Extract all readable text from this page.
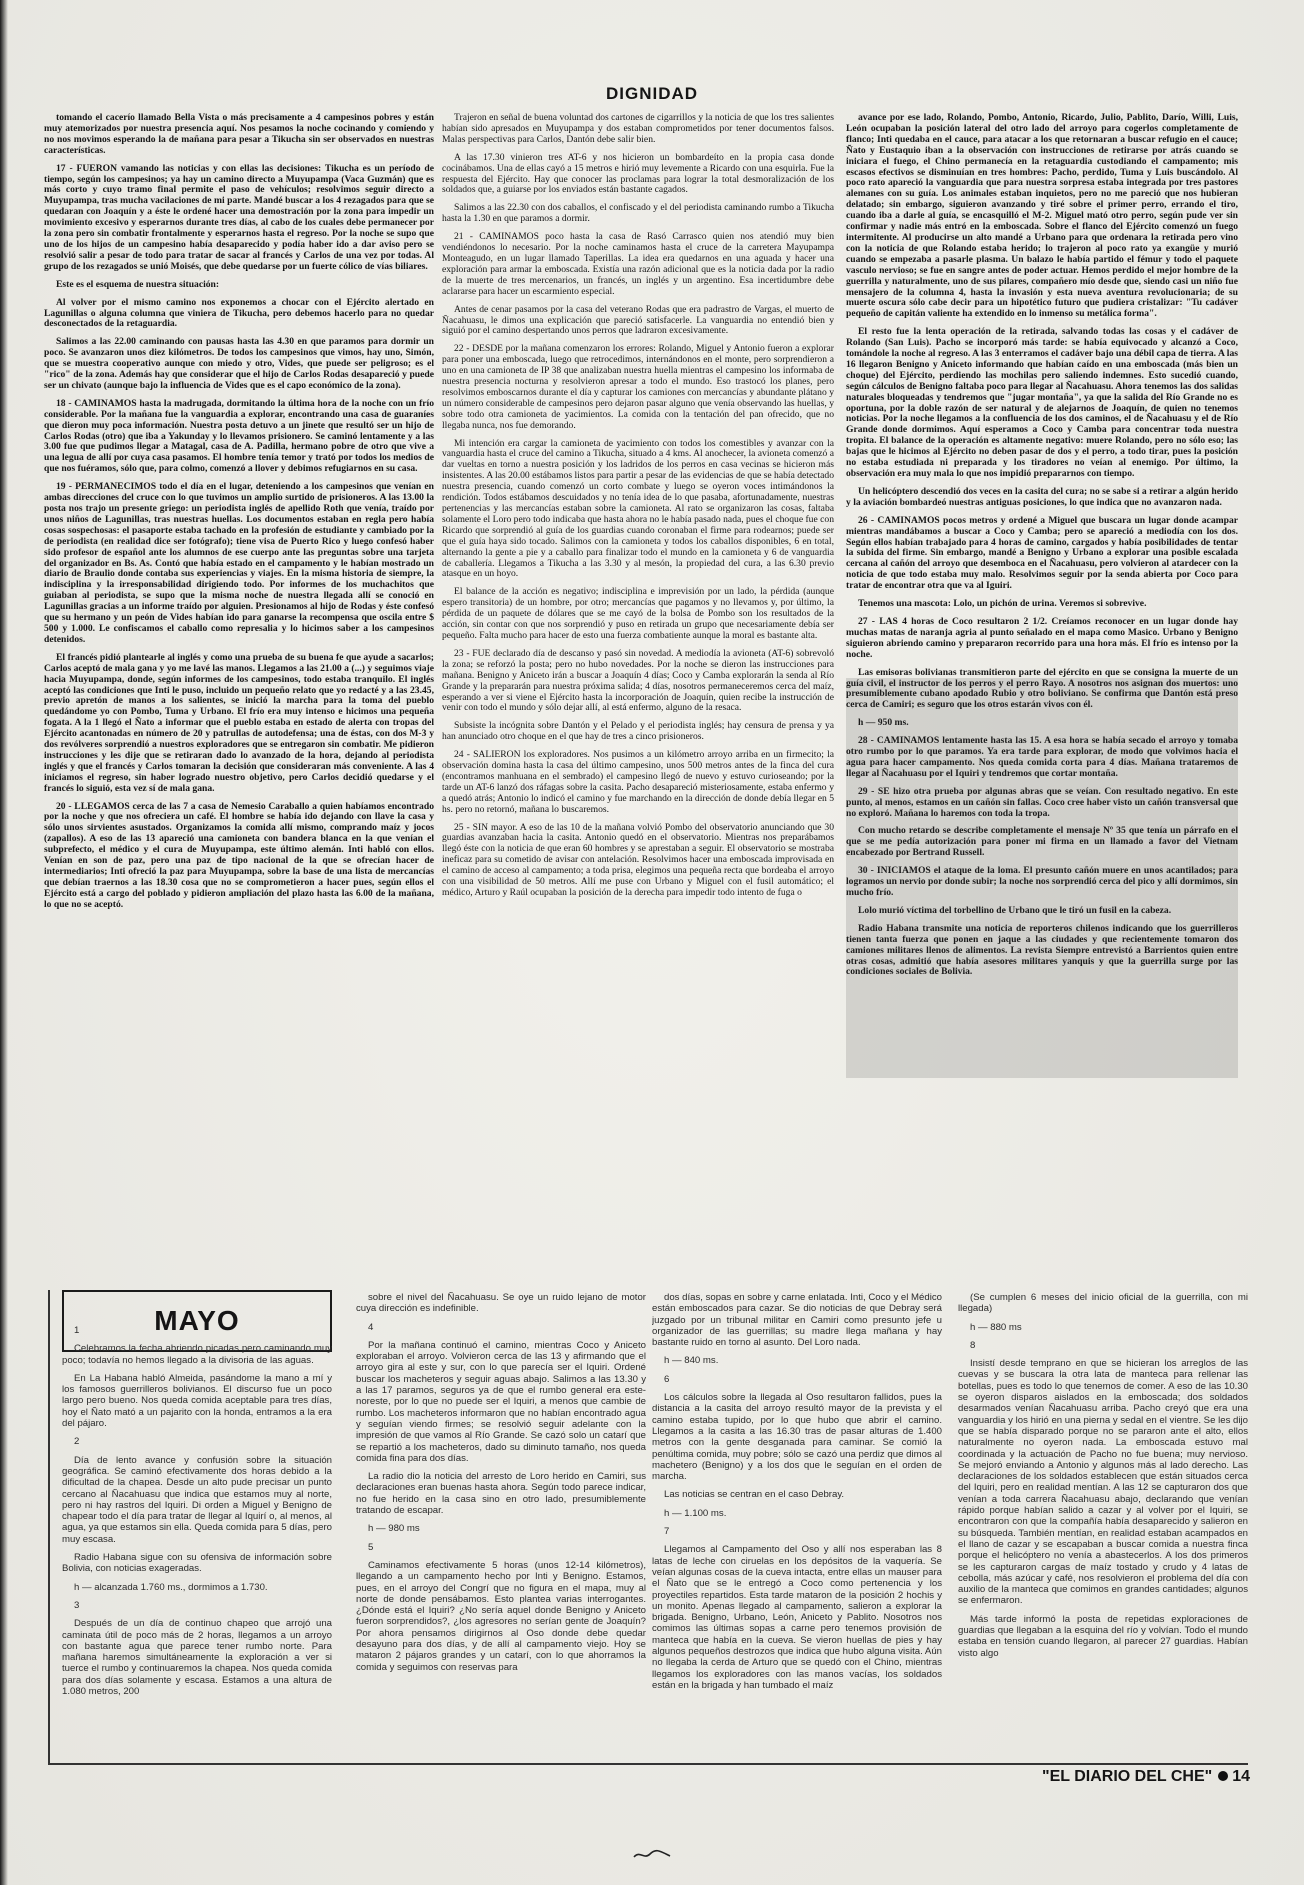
DIGNIDAD

tomando el cacerío llamado Bella Vista o más precisamente a 4 campesinos pobres y están muy atemorizados por nuestra presencia aquí. Nos pesamos la noche cocinando y comiendo y no nos movimos esperando la de mañana para pesar a Tikucha sin ser observados en nuestras características.

17 - FUERON vamando las noticias y con ellas las decisiones: Tikucha es un período de tiempo, según los campesinos; ya hay un camino directo a Muyupampa (Vaca Guzmán) que es más corto y cuyo tramo final permite el paso de vehículos; resolvimos seguir directo a Muyupampa, tras mucha vacilaciones de mi parte. Mandé buscar a los 4 rezagados para que se quedaran con Joaquín y a éste le ordené hacer una demostración por la zona para impedir un movimiento excesivo y esperarnos durante tres días, al cabo de los cuales debe permanecer por la zona pero sin combatir frontalmente y esperarnos hasta el regreso. Por la noche se supo que uno de los hijos de un campesino había desaparecido y podía haber ido a dar aviso pero se resolvió salir a pesar de todo para tratar de sacar al francés y Carlos de una vez por todas. Al grupo de los rezagados se unió Moisés, que debe quedarse por un fuerte cólico de vías biliares.

Este es el esquema de nuestra situación:

Al volver por el mismo camino nos exponemos a chocar con el Ejército alertado en Lagunillas o alguna columna que viniera de Tikucha, pero debemos hacerlo para no quedar desconectados de la retaguardia.

Salimos a las 22.00 caminando con pausas hasta las 4.30 en que paramos para dormir un poco. Se avanzaron unos diez kilómetros. De todos los campesinos que vimos, hay uno, Simón, que se muestra cooperativo aunque con miedo y otro, Vides, que puede ser peligroso; es el "rico" de la zona. Además hay que considerar que el hijo de Carlos Rodas desapareció y puede ser un chivato (aunque bajo la influencia de Vides que es el capo económico de la zona).

18 - CAMINAMOS hasta la madrugada, dormitando la última hora de la noche con un frío considerable. Por la mañana fue la vanguardia a explorar, encontrando una casa de guaraníes que dieron muy poca información. Nuestra posta detuvo a un jinete que resultó ser un hijo de Carlos Rodas (otro) que iba a Yakunday y lo llevamos prisionero. Se caminó lentamente y a las 3.00 fue que pudimos llegar a Matagal, casa de A. Padilla, hermano pobre de otro que vive a una legua de allí por cuya casa pasamos. El hombre tenía temor y trató por todos los medios de que nos fuéramos, sólo que, para colmo, comenzó a llover y debimos refugiarnos en su casa.

19 - PERMANECIMOS todo el día en el lugar, deteniendo a los campesinos que venían en ambas direcciones del cruce con lo que tuvimos un amplio surtido de prisioneros. A las 13.00 la posta nos trajo un presente griego: un periodista inglés de apellido Roth que venía, traído por unos niños de Lagunillas, tras nuestras huellas. Los documentos estaban en regla pero había cosas sospechosas: el pasaporte estaba tachado en la profesión de estudiante y cambiado por la de periodista (en realidad dice ser fotógrafo); tiene visa de Puerto Rico y luego confesó haber sido profesor de español ante los alumnos de ese cuerpo ante las preguntas sobre una tarjeta del organizador en Bs. As. Contó que había estado en el campamento y le habían mostrado un diario de Braulio donde contaba sus experiencias y viajes. En la misma historia de siempre, la indisciplina y la irresponsabilidad dirigiendo todo. Por informes de los muchachitos que guiaban al periodista, se supo que la misma noche de nuestra llegada allí se conoció en Lagunillas gracias a un informe traído por alguien. Presionamos al hijo de Rodas y éste confesó que su hermano y un peón de Vides habían ido para ganarse la recompensa que oscila entre $ 500 y 1.000. Le confiscamos el caballo como represalia y lo hicimos saber a los campesinos detenidos.

El francés pidió plantearle al inglés y como una prueba de su buena fe que ayude a sacarlos; Carlos aceptó de mala gana y yo me lavé las manos. Llegamos a las 21.00 a (...) y seguimos viaje hacia Muyupampa, donde, según informes de los campesinos, todo estaba tranquilo. El inglés aceptó las condiciones que Inti le puso, incluido un pequeño relato que yo redacté y a las 23.45, previo apretón de manos a los salientes, se inició la marcha para la toma del pueblo quedándome yo con Pombo, Tuma y Urbano. El frío era muy intenso e hicimos una pequeña fogata. A la 1 llegó el Ñato a informar que el pueblo estaba en estado de alerta con tropas del Ejército acantonadas en número de 20 y patrullas de autodefensa; una de éstas, con dos M-3 y dos revólveres sorprendió a nuestros exploradores que se entregaron sin combatir. Me pidieron instrucciones y les dije que se retiraran dado lo avanzado de la hora, dejando al periodista inglés y que el francés y Carlos tomaran la decisión que consideraran más conveniente. A las 4 iniciamos el regreso, sin haber logrado nuestro objetivo, pero Carlos decidió quedarse y el francés lo siguió, esta vez sí de mala gana.

20 - LLEGAMOS cerca de las 7 a casa de Nemesio Caraballo a quien habíamos encontrado por la noche y que nos ofreciera un café. El hombre se había ido dejando con llave la casa y sólo unos sirvientes asustados. Organizamos la comida allí mismo, comprando maíz y jocos (zapallos). A eso de las 13 apareció una camioneta con bandera blanca en la que venían el subprefecto, el médico y el cura de Muyupampa, este último alemán. Inti habló con ellos. Venían en son de paz, pero una paz de tipo nacional de la que se ofrecían hacer de intermediarios; Inti ofreció la paz para Muyupampa, sobre la base de una lista de mercancías que debían traernos a las 18.30 cosa que no se comprometieron a hacer pues, según ellos el Ejército está a cargo del poblado y pidieron ampliación del plazo hasta las 6.00 de la mañana, lo que no se aceptó.

Trajeron en señal de buena voluntad dos cartones de cigarrillos y la noticia de que los tres salientes habían sido apresados en Muyupampa y dos estaban comprometidos por tener documentos falsos. Malas perspectivas para Carlos, Dantón debe salir bien.

A las 17.30 vinieron tres AT-6 y nos hicieron un bombardeíto en la propia casa donde cocinábamos. Una de ellas cayó a 15 metros e hirió muy levemente a Ricardo con una esquirla. Fue la respuesta del Ejército. Hay que conocer las proclamas para lograr la total desmoralización de los soldados que, a guiarse por los enviados están bastante cagados.

Salimos a las 22.30 con dos caballos, el confiscado y el del periodista caminando rumbo a Tikucha hasta la 1.30 en que paramos a dormir.

21 - CAMINAMOS poco hasta la casa de Rasó Carrasco quien nos atendió muy bien vendiéndonos lo necesario. Por la noche caminamos hasta el cruce de la carretera Mayupampa Monteagudo, en un lugar llamado Taperillas. La idea era quedarnos en una aguada y hacer una exploración para armar la emboscada. Existía una razón adicional que es la noticia dada por la radio de la muerte de tres mercenarios, un francés, un inglés y un argentino. Esa incertidumbre debe aclararse para hacer un escarmiento especial.

Antes de cenar pasamos por la casa del veterano Rodas que era padrastro de Vargas, el muerto de Ñacahuasu, le dimos una explicación que pareció satisfacerle. La vanguardia no entendió bien y siguió por el camino despertando unos perros que ladraron excesivamente.

22 - DESDE por la mañana comenzaron los errores: Rolando, Miguel y Antonio fueron a explorar para poner una emboscada, luego que retrocedimos, internándonos en el monte, pero sorprendieron a uno en una camioneta de IP 38 que analizaban nuestra huella mientras el campesino los informaba de nuestra presencia nocturna y resolvieron apresar a todo el mundo. Eso trastocó los planes, pero resolvimos emboscarnos durante el día y capturar los camiones con mercancías y abundante plátano y un número considerable de campesinos pero dejaron pasar alguno que venía observando las huellas, y sobre todo otra camioneta de yacimientos. La comida con la tentación del pan ofrecido, que no llegaba nunca, nos fue demorando.

Mi intención era cargar la camioneta de yacimiento con todos los comestibles y avanzar con la vanguardia hasta el cruce del camino a Tikucha, situado a 4 kms. Al anochecer, la avioneta comenzó a dar vueltas en torno a nuestra posición y los ladridos de los perros en casa vecinas se hicieron más insistentes. A las 20.00 estábamos listos para partir a pesar de las evidencias de que se había detectado nuestra presencia, cuando comenzó un corto combate y luego se oyeron voces intimándonos la rendición. Todos estábamos descuidados y no tenía idea de lo que pasaba, afortunadamente, nuestras pertenencias y las mercancías estaban sobre la camioneta. Al rato se organizaron las cosas, faltaba solamente el Loro pero todo indicaba que hasta ahora no le había pasado nada, pues el choque fue con Ricardo que sorprendió al guía de los guardias cuando coronaban el firme para rodearnos; puede ser que el guía haya sido tocado. Salimos con la camioneta y todos los caballos disponibles, 6 en total, alternando la gente a pie y a caballo para finalizar todo el mundo en la camioneta y 6 de vanguardia de caballería. Llegamos a Tikucha a las 3.30 y al mesón, la propiedad del cura, a las 6.30 previo atasque en un hoyo.

El balance de la acción es negativo; indisciplina e imprevisión por un lado, la pérdida (aunque espero transitoria) de un hombre, por otro; mercancías que pagamos y no llevamos y, por último, la pérdida de un paquete de dólares que se me cayó de la bolsa de Pombo son los resultados de la acción, sin contar con que nos sorprendió y puso en retirada un grupo que necesariamente debía ser pequeño. Falta mucho para hacer de esto una fuerza combatiente aunque la moral es bastante alta.

23 - FUE declarado día de descanso y pasó sin novedad. A mediodía la avioneta (AT-6) sobrevoló la zona; se reforzó la posta; pero no hubo novedades. Por la noche se dieron las instrucciones para mañana. Benigno y Aniceto irán a buscar a Joaquín 4 días; Coco y Camba explorarán la senda al Río Grande y la prepararán para nuestra próxima salida; 4 días, nosotros permaneceremos cerca del maíz, esperando a ver si viene el Ejército hasta la incorporación de Joaquín, quien recibe la instrucción de venir con todo el mundo y sólo dejar allí, al está enfermo, alguno de la resaca.

Subsiste la incógnita sobre Dantón y el Pelado y el periodista inglés; hay censura de prensa y ya han anunciado otro choque en el que hay de tres a cinco prisioneros.

24 - SALIERON los exploradores. Nos pusimos a un kilómetro arroyo arriba en un firmecito; la observación domina hasta la casa del último campesino, unos 500 metros antes de la finca del cura (encontramos manhuana en el sembrado) el campesino llegó de nuevo y estuvo curioseando; por la tarde un AT-6 lanzó dos ráfagas sobre la casita. Pacho desapareció misteriosamente, estaba enfermo y a quedó atrás; Antonio lo indicó el camino y fue marchando en la dirección de donde debía llegar en 5 hs. pero no retornó, mañana lo buscaremos.

25 - SIN mayor. A eso de las 10 de la mañana volvió Pombo del observatorio anunciando que 30 guardias avanzaban hacia la casita. Antonio quedó en el observatorio. Mientras nos preparábamos llegó éste con la noticia de que eran 60 hombres y se aprestaban a seguir. El observatorio se mostraba ineficaz para su cometido de avisar con antelación. Resolvimos hacer una emboscada improvisada en el camino de acceso al campamento; a toda prisa, elegimos una pequeña recta que bordeaba el arroyo con una visibilidad de 50 metros. Allí me puse con Urbano y Miguel con el fusil automático; el médico, Arturo y Raúl ocupaban la posición de la derecha para impedir todo intento de fuga o

avance por ese lado, Rolando, Pombo, Antonio, Ricardo, Julio, Pablito, Darío, Willi, Luis, León ocupaban la posición lateral del otro lado del arroyo para cogerlos completamente de flanco; Inti quedaba en el cauce, para atacar a los que retornaran a buscar refugio en el cauce; Ñato y Eustaquio iban a la observación con instrucciones de retirarse por atrás cuando se iniciara el fuego, el Chino permanecía en la retaguardia custodiando el campamento; mis escasos efectivos se disminuían en tres hombres: Pacho, perdido, Tuma y Luis buscándolo. Al poco rato apareció la vanguardia que para nuestra sorpresa estaba integrada por tres pastores alemanes con su guía. Los animales estaban inquietos, pero no me pareció que nos hubieran delatado; sin embargo, siguieron avanzando y tiré sobre el primer perro, errando el tiro, cuando iba a darle al guía, se encasquilló el M-2. Miguel mató otro perro, según pude ver sin confirmar y nadie más entró en la emboscada. Sobre el flanco del Ejército comenzó un fuego intermitente. Al producirse un alto mandé a Urbano para que ordenara la retirada pero vino con la noticia de que Rolando estaba herido; lo trajeron al poco rato ya exangüe y murió cuando se empezaba a pasarle plasma. Un balazo le había partido el fémur y todo el paquete vasculo nervioso; se fue en sangre antes de poder actuar. Hemos perdido el mejor hombre de la guerrilla y naturalmente, uno de sus pilares, compañero mío desde que, siendo casi un niño fue mensajero de la columna 4, hasta la invasión y esta nueva aventura revolucionaria; de su muerte oscura sólo cabe decir para un hipotético futuro que pudiera cristalizar: "Tu cadáver pequeño de capitán valiente ha extendido en lo inmenso su metálica forma".

El resto fue la lenta operación de la retirada, salvando todas las cosas y el cadáver de Rolando (San Luis). Pacho se incorporó más tarde: se había equivocado y alcanzó a Coco, tomándole la noche al regreso. A las 3 enterramos el cadáver bajo una débil capa de tierra. A las 16 llegaron Benigno y Aniceto informando que habían caído en una emboscada (más bien un choque) del Ejército, perdiendo las mochilas pero saliendo indemnes. Esto sucedió cuando, según cálculos de Benigno faltaba poco para llegar al Ñacahuasu. Ahora tenemos las dos salidas naturales bloqueadas y tendremos que "jugar montaña", ya que la salida del Río Grande no es oportuna, por la doble razón de ser natural y de alejarnos de Joaquín, de quien no tenemos noticias. Por la noche llegamos a la confluencia de los dos caminos, el de Ñacahuasu y el de Río Grande donde dormimos. Aquí esperamos a Coco y Camba para concentrar toda nuestra tropita. El balance de la operación es altamente negativo: muere Rolando, pero no sólo eso; las bajas que le hicimos al Ejército no deben pasar de dos y el perro, a todo tirar, pues la posición no estaba estudiada ni preparada y los tiradores no veían al enemigo. Por último, la observación era muy mala lo que nos impidió prepararnos con tiempo.

Un helicóptero descendió dos veces en la casita del cura; no se sabe si a retirar a algún herido y la aviación bombardeó nuestras antiguas posiciones, lo que indica que no avanzaron nada.

26 - CAMINAMOS pocos metros y ordené a Miguel que buscara un lugar donde acampar mientras mandábamos a buscar a Coco y Camba; pero se apareció a mediodía con los dos. Según ellos habían trabajado para 4 horas de camino, cargados y había posibilidades de tentar la subida del firme. Sin embargo, mandé a Benigno y Urbano a explorar una posible escalada cercana al cañón del arroyo que desemboca en el Ñacahuasu, pero volvieron al atardecer con la noticia de que todo estaba muy malo. Resolvimos seguir por la senda abierta por Coco para tratar de encontrar otra que va al Iguiri.

Tenemos una mascota: Lolo, un pichón de urina. Veremos si sobrevive.

27 - LAS 4 horas de Coco resultaron 2 1/2. Creíamos reconocer en un lugar donde hay muchas matas de naranja agria al punto señalado en el mapa como Masico. Urbano y Benigno siguieron abriendo camino y prepararon recorrido para una hora más. El frío es intenso por la noche.

Las emisoras bolivianas transmitieron parte del ejército en que se consigna la muerte de un guía civil, el instructor de los perros y el perro Rayo. A nosotros nos asignan dos muertos: uno presumiblemente cubano apodado Rubio y otro boliviano. Se confirma que Dantón está preso cerca de Camiri; es seguro que los otros estarán vivos con él.

h — 950 ms.

28 - CAMINAMOS lentamente hasta las 15. A esa hora se había secado el arroyo y tomaba otro rumbo por lo que paramos. Ya era tarde para explorar, de modo que volvimos hacia el agua para hacer campamento. Nos queda comida corta para 4 días. Mañana trataremos de llegar al Ñacahuasu por el Iquiri y tendremos que cortar montaña.

29 - SE hizo otra prueba por algunas abras que se veían. Con resultado negativo. En este punto, al menos, estamos en un cañón sin fallas. Coco cree haber visto un cañón transversal que no exploró. Mañana lo haremos con toda la tropa.

Con mucho retardo se describe completamente el mensaje Nº 35 que tenía un párrafo en el que se me pedía autorización para poner mi firma en un llamado a favor del Vietnam encabezado por Bertrand Russell.

30 - INICIAMOS el ataque de la loma. El presunto cañón muere en unos acantilados; para logramos un nervio por donde subir; la noche nos sorprendió cerca del pico y allí dormimos, sin mucho frío.

Lolo murió víctima del torbellino de Urbano que le tiró un fusil en la cabeza.

Radio Habana transmite una noticia de reporteros chilenos indicando que los guerrilleros tienen tanta fuerza que ponen en jaque a las ciudades y que recientemente tomaron dos camiones militares llenos de alimentos. La revista Siempre entrevistó a Barrientos quien entre otras cosas, admitió que había asesores militares yanquis y que la guerrilla surge por las condiciones sociales de Bolivia.

MAYO

1

Celebramos la fecha abriendo picadas pero caminando muy poco; todavía no hemos llegado a la divisoria de las aguas.

En La Habana habló Almeida, pasándome la mano a mí y los famosos guerrilleros bolivianos. El discurso fue un poco largo pero bueno. Nos queda comida aceptable para tres días, hoy el Ñato mató a un pajarito con la honda, entramos a la era del pájaro.

2

Día de lento avance y confusión sobre la situación geográfica. Se caminó efectivamente dos horas debido a la dificultad de la chapea. Desde un alto pude precisar un punto cercano al Ñacahuasu que indica que estamos muy al norte, pero ni hay rastros del Iquiri. Di orden a Miguel y Benigno de chapear todo el día para tratar de llegar al Iquirí o, al menos, al agua, ya que estamos sin ella. Queda comida para 5 días, pero muy escasa.

Radio Habana sigue con su ofensiva de información sobre Bolivia, con noticias exageradas.

h — alcanzada 1.760 ms., dormimos a 1.730.

3

Después de un día de continuo chapeo que arrojó una caminata útil de poco más de 2 horas, llegamos a un arroyo con bastante agua que parece tener rumbo norte. Para mañana haremos simultáneamente la exploración a ver si tuerce el rumbo y continuaremos la chapea. Nos queda comida para dos días solamente y escasa. Estamos a una altura de 1.080 metros, 200

sobre el nivel del Ñacahuasu. Se oye un ruido lejano de motor cuya dirección es indefinible.

4

Por la mañana continuó el camino, mientras Coco y Aniceto exploraban el arroyo. Volvieron cerca de las 13 y afirmando que el arroyo gira al este y sur, con lo que parecía ser el Iquiri. Ordené buscar los macheteros y seguir aguas abajo. Salimos a las 13.30 y a las 17 paramos, seguros ya de que el rumbo general era este-noreste, por lo que no puede ser el Iquiri, a menos que cambie de rumbo. Los macheteros informaron que no habían encontrado agua y seguían viendo firmes; se resolvió seguir adelante con la impresión de que vamos al Río Grande. Se cazó solo un catarí que se repartió a los macheteros, dado su diminuto tamaño, nos queda comida fina para dos días.

La radio dio la noticia del arresto de Loro herido en Camiri, sus declaraciones eran buenas hasta ahora. Según todo parece indicar, no fue herido en la casa sino en otro lado, presumiblemente tratando de escapar.

h — 980 ms

5

Caminamos efectivamente 5 horas (unos 12-14 kilómetros), llegando a un campamento hecho por Inti y Benigno. Estamos, pues, en el arroyo del Congrí que no figura en el mapa, muy al norte de donde pensábamos. Esto plantea varias interrogantes. ¿Dónde está el Iquiri? ¿No sería aquel donde Benigno y Aniceto fueron sorprendidos?, ¿los agresores no serían gente de Joaquín? Por ahora pensamos dirigirnos al Oso donde debe quedar desayuno para dos días, y de allí al campamento viejo. Hoy se mataron 2 pájaros grandes y un catarí, con lo que ahorramos la comida y seguimos con reservas para

dos días, sopas en sobre y carne enlatada. Inti, Coco y el Médico están emboscados para cazar. Se dio noticias de que Debray será juzgado por un tribunal militar en Camiri como presunto jefe u organizador de las guerrillas; su madre llega mañana y hay bastante ruido en torno al asunto. Del Loro nada.

h — 840 ms.

6

Los cálculos sobre la llegada al Oso resultaron fallidos, pues la distancia a la casita del arroyo resultó mayor de la prevista y el camino estaba tupido, por lo que hubo que abrir el camino. Llegamos a la casita a las 16.30 tras de pasar alturas de 1.400 metros con la gente desganada para caminar. Se comió la penúltima comida, muy pobre; sólo se cazó una perdiz que dimos al machetero (Benigno) y a los dos que le seguían en el orden de marcha.

Las noticias se centran en el caso Debray.

h — 1.100 ms.

7

Llegamos al Campamento del Oso y allí nos esperaban las 8 latas de leche con ciruelas en los depósitos de la vaquería. Se veían algunas cosas de la cueva intacta, entre ellas un mauser para el Ñato que se le entregó a Coco como pertenencia y los proyectiles repartidos. Esta tarde mataron de la posición 2 hochis y un monito. Apenas llegado al campamento, salieron a explorar la brigada. Benigno, Urbano, León, Aniceto y Pablito. Nosotros nos comimos las últimas sopas a carne pero tenemos provisión de manteca que había en la cueva. Se vieron huellas de pies y hay algunos pequeños destrozos que indica que hubo alguna visita. Aún no llegaba la cerda de Arturo que se quedó con el Chino, mientras llegamos los exploradores con las manos vacías, los soldados están en la brigada y han tumbado el maíz

(Se cumplen 6 meses del inicio oficial de la guerrilla, con mi llegada)

h — 880 ms

8

Insistí desde temprano en que se hicieran los arreglos de las cuevas y se buscara la otra lata de manteca para rellenar las botellas, pues es todo lo que tenemos de comer. A eso de las 10.30 se oyeron disparos aislados en la emboscada; dos soldados desarmados venían Ñacahuasu arriba. Pacho creyó que era una vanguardia y los hirió en una pierna y sedal en el vientre. Se les dijo que se había disparado porque no se pararon ante el alto, ellos naturalmente no oyeron nada. La emboscada estuvo mal coordinada y la actuación de Pacho no fue buena; muy nervioso. Se mejoró enviando a Antonio y algunos más al lado derecho. Las declaraciones de los soldados establecen que están situados cerca del Iquiri, pero en realidad mentían. A las 12 se capturaron dos que venían a toda carrera Ñacahuasu abajo, declarando que venían rápido porque habían salido a cazar y al volver por el Iquiri, se encontraron con que la compañía había desaparecido y salieron en su búsqueda. También mentían, en realidad estaban acampados en el llano de cazar y se escapaban a buscar comida a nuestra finca porque el helicóptero no venía a abastecerlos. A los dos primeros se les capturaron cargas de maíz tostado y crudo y 4 latas de cebolla, más azúcar y café, nos resolvieron el problema del día con auxilio de la manteca que comimos en grandes cantidades; algunos se enfermaron.

Más tarde informó la posta de repetidas exploraciones de guardias que llegaban a la esquina del río y volvían. Todo el mundo estaba en tensión cuando llegaron, al parecer 27 guardias. Habían visto algo

"EL DIARIO DEL CHE" 14
